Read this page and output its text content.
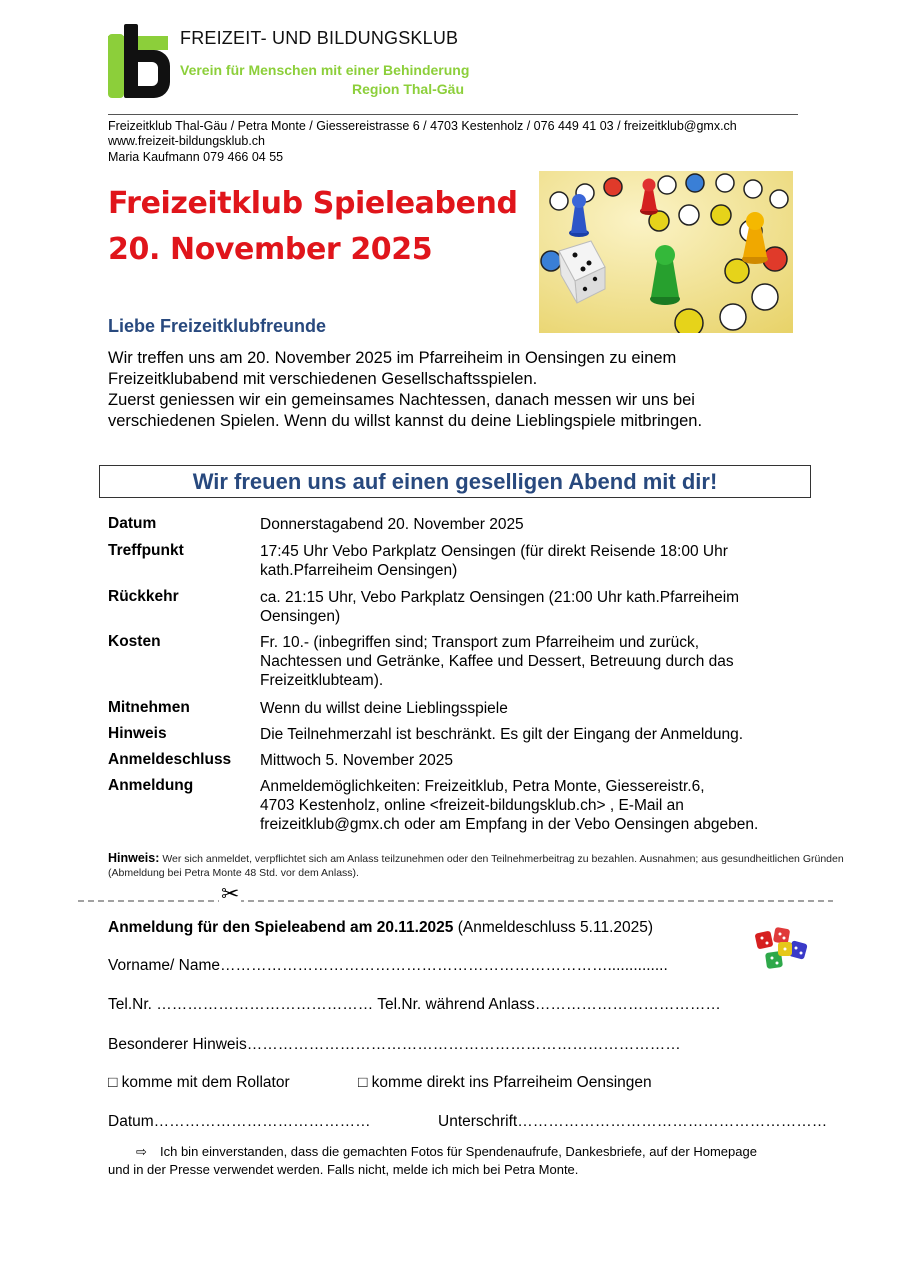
FREIZEIT- UND BILDUNGSKLUB
Verein für Menschen mit einer Behinderung
Region Thal-Gäu
Freizeitklub Thal-Gäu / Petra Monte / Giessereistrasse 6 / 4703 Kestenholz / 076 449 41 03 / freizeitklub@gmx.ch
www.freizeit-bildungsklub.ch
Maria Kaufmann 079 466 04 55
Freizeitklub Spieleabend
20. November 2025
Liebe Freizeitklubfreunde
Wir treffen uns am 20. November 2025 im Pfarreiheim in Oensingen zu einem
Freizeitklubabend mit verschiedenen Gesellschaftsspielen.
Zuerst geniessen wir ein gemeinsames Nachtessen, danach messen wir uns bei
verschiedenen Spielen. Wenn du willst kannst du deine Lieblingspiele mitbringen.
Wir freuen uns auf einen geselligen Abend mit dir!
Datum	Donnerstagabend 20. November 2025
Treffpunkt	17:45 Uhr Vebo Parkplatz Oensingen (für direkt Reisende 18:00 Uhr
kath.Pfarreiheim Oensingen)
Rückkehr	ca. 21:15 Uhr, Vebo Parkplatz Oensingen (21:00 Uhr kath.Pfarreiheim
Oensingen)
Kosten	Fr. 10.- (inbegriffen sind; Transport zum Pfarreiheim und zurück,
Nachtessen und Getränke, Kaffee und Dessert, Betreuung durch das
Freizeitklubteam).
Mitnehmen	Wenn du willst deine Lieblingsspiele
Hinweis	Die Teilnehmerzahl ist beschränkt. Es gilt der Eingang der Anmeldung.
Anmeldeschluss Mittwoch 5. November 2025
Anmeldung	Anmeldemöglichkeiten: Freizeitklub, Petra Monte, Giessereistr.6,
4703 Kestenholz, online <freizeit-bildungsklub.ch> , E-Mail an
freizeitklub@gmx.ch oder am Empfang in der Vebo Oensingen abgeben.
Hinweis: Wer sich anmeldet, verpflichtet sich am Anlass teilzunehmen oder den Teilnehmerbeitrag zu bezahlen. Ausnahmen; aus gesundheitlichen Gründen (Abmeldung bei Petra Monte 48 Std. vor dem Anlass).
✂
Anmeldung für den Spieleabend am 20.11.2025 (Anmeldeschluss 5.11.2025)
Vorname/ Name…………………………………………………………………..............
Tel.Nr. …………………………………… Tel.Nr. während Anlass………………………………
Besonderer Hinweis…………………………………………………………………………
□ komme mit dem Rollator	□ komme direkt ins Pfarreiheim Oensingen
Datum……………………………………	Unterschrift……………………………………………………
⇨ Ich bin einverstanden, dass die gemachten Fotos für Spendenaufrufe, Dankesbriefe, auf der Homepage
und in der Presse verwendet werden. Falls nicht, melde ich mich bei Petra Monte.
